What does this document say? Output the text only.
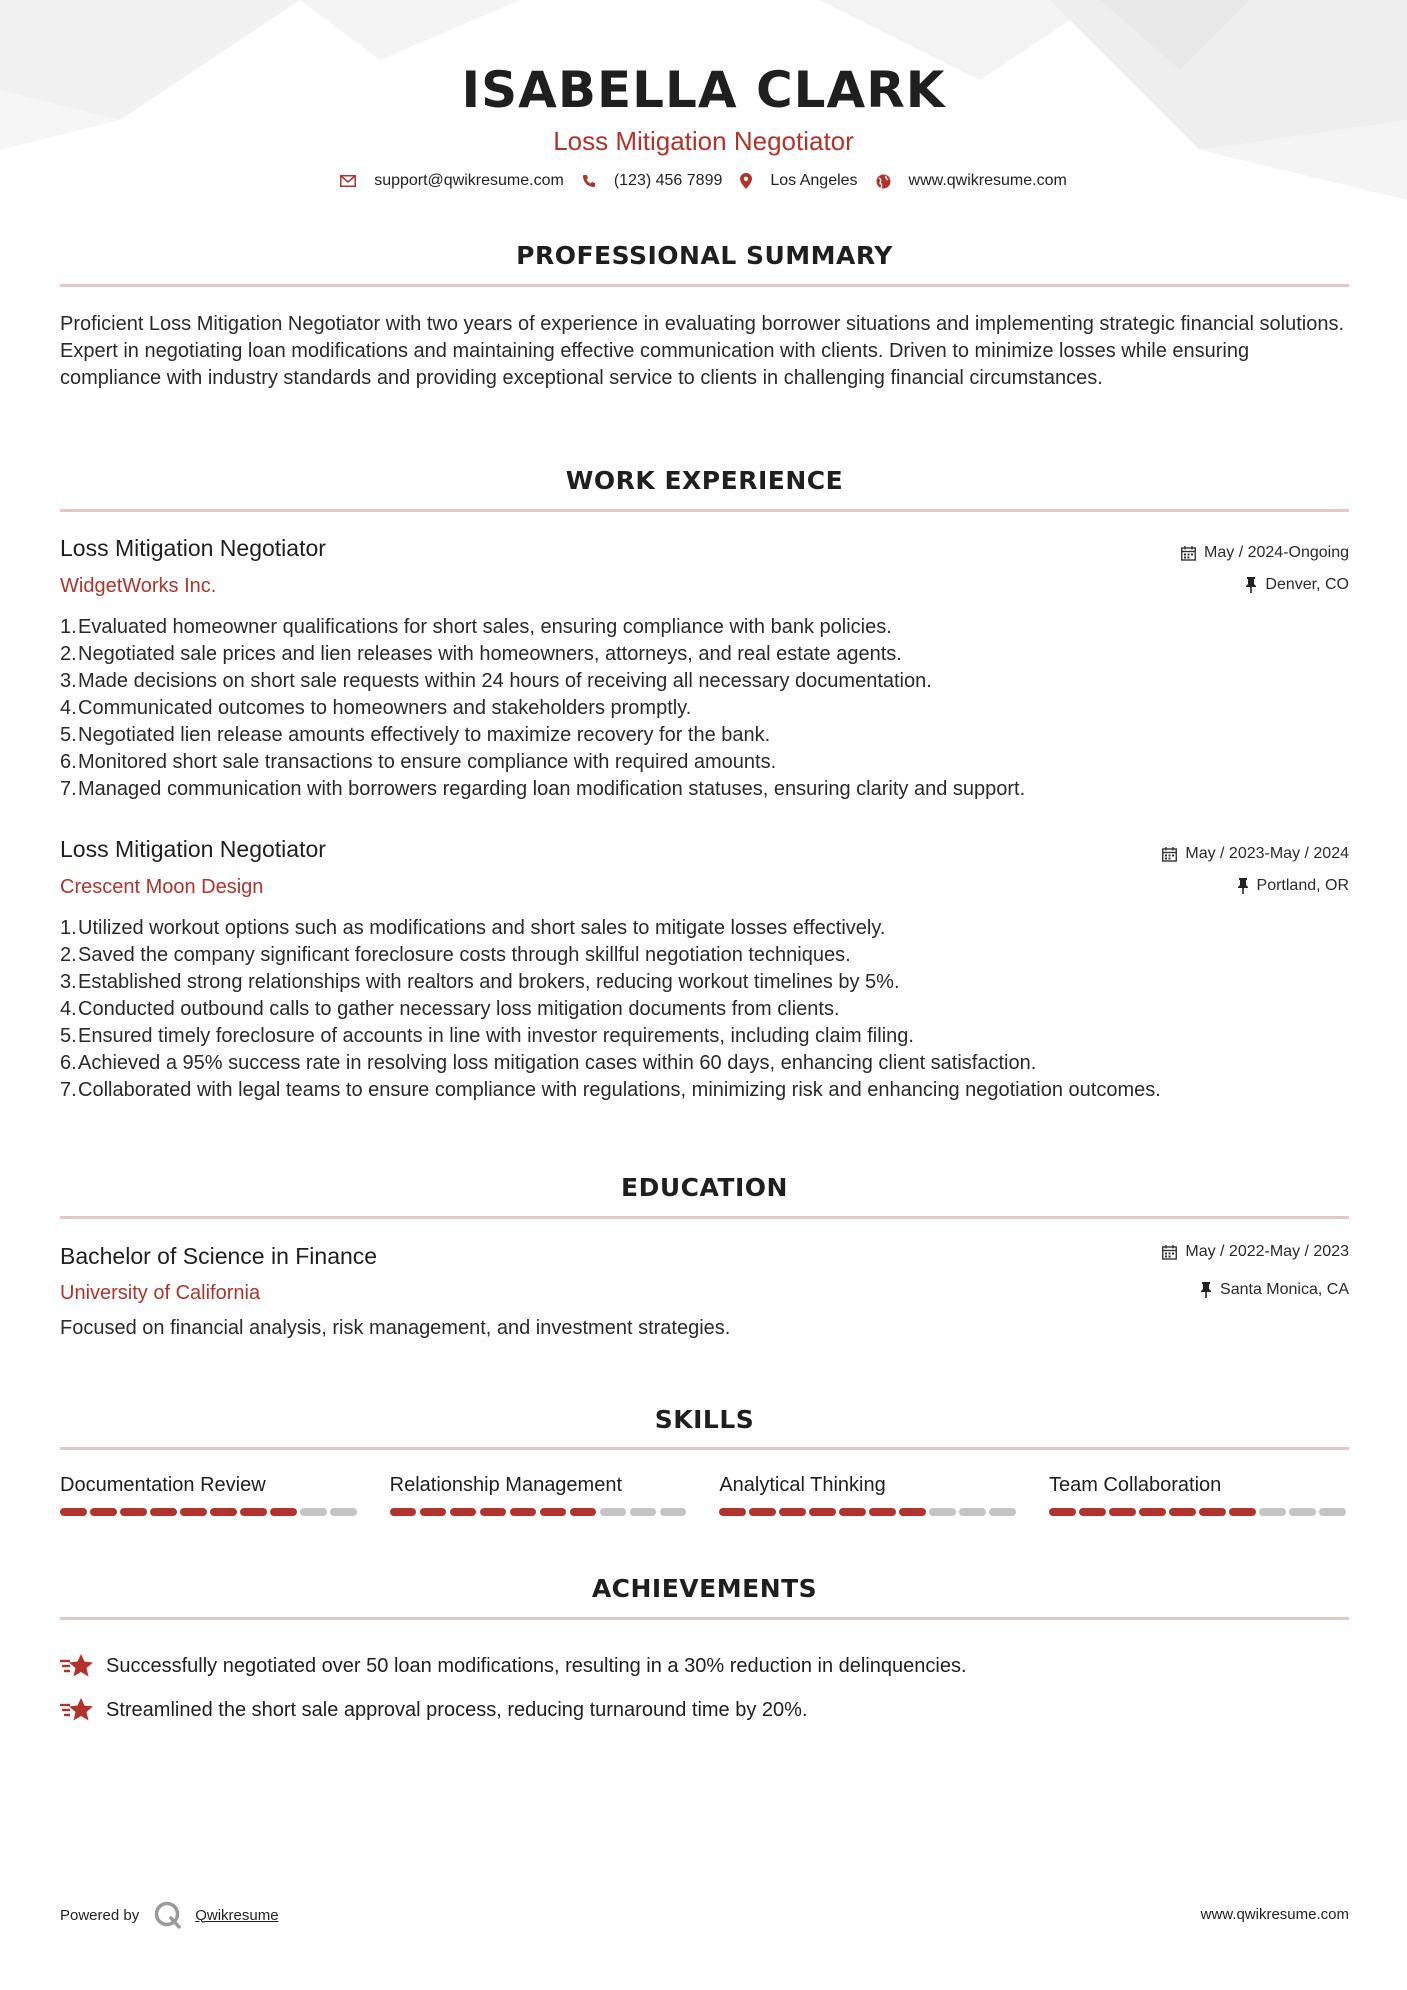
ISABELLA CLARK
Loss Mitigation Negotiator
support@qwikresume.com	(123) 456 7899	Los Angeles	www.qwikresume.com
PROFESSIONAL SUMMARY
Proficient Loss Mitigation Negotiator with two years of experience in evaluating borrower situations and implementing strategic financial solutions. Expert in negotiating loan modifications and maintaining effective communication with clients. Driven to minimize losses while ensuring compliance with industry standards and providing exceptional service to clients in challenging financial circumstances.
WORK EXPERIENCE
Loss Mitigation Negotiator
WidgetWorks Inc.
May / 2024-Ongoing
Denver, CO
1. Evaluated homeowner qualifications for short sales, ensuring compliance with bank policies.
2. Negotiated sale prices and lien releases with homeowners, attorneys, and real estate agents.
3. Made decisions on short sale requests within 24 hours of receiving all necessary documentation.
4. Communicated outcomes to homeowners and stakeholders promptly.
5. Negotiated lien release amounts effectively to maximize recovery for the bank.
6. Monitored short sale transactions to ensure compliance with required amounts.
7. Managed communication with borrowers regarding loan modification statuses, ensuring clarity and support.
Loss Mitigation Negotiator
Crescent Moon Design
May / 2023-May / 2024
Portland, OR
1. Utilized workout options such as modifications and short sales to mitigate losses effectively.
2. Saved the company significant foreclosure costs through skillful negotiation techniques.
3. Established strong relationships with realtors and brokers, reducing workout timelines by 5%.
4. Conducted outbound calls to gather necessary loss mitigation documents from clients.
5. Ensured timely foreclosure of accounts in line with investor requirements, including claim filing.
6. Achieved a 95% success rate in resolving loss mitigation cases within 60 days, enhancing client satisfaction.
7. Collaborated with legal teams to ensure compliance with regulations, minimizing risk and enhancing negotiation outcomes.
EDUCATION
Bachelor of Science in Finance
University of California
May / 2022-May / 2023
Santa Monica, CA
Focused on financial analysis, risk management, and investment strategies.
SKILLS
Documentation Review	Relationship Management	Analytical Thinking	Team Collaboration
ACHIEVEMENTS
Successfully negotiated over 50 loan modifications, resulting in a 30% reduction in delinquencies.
Streamlined the short sale approval process, reducing turnaround time by 20%.
Powered by	Qwikresume	www.qwikresume.com
